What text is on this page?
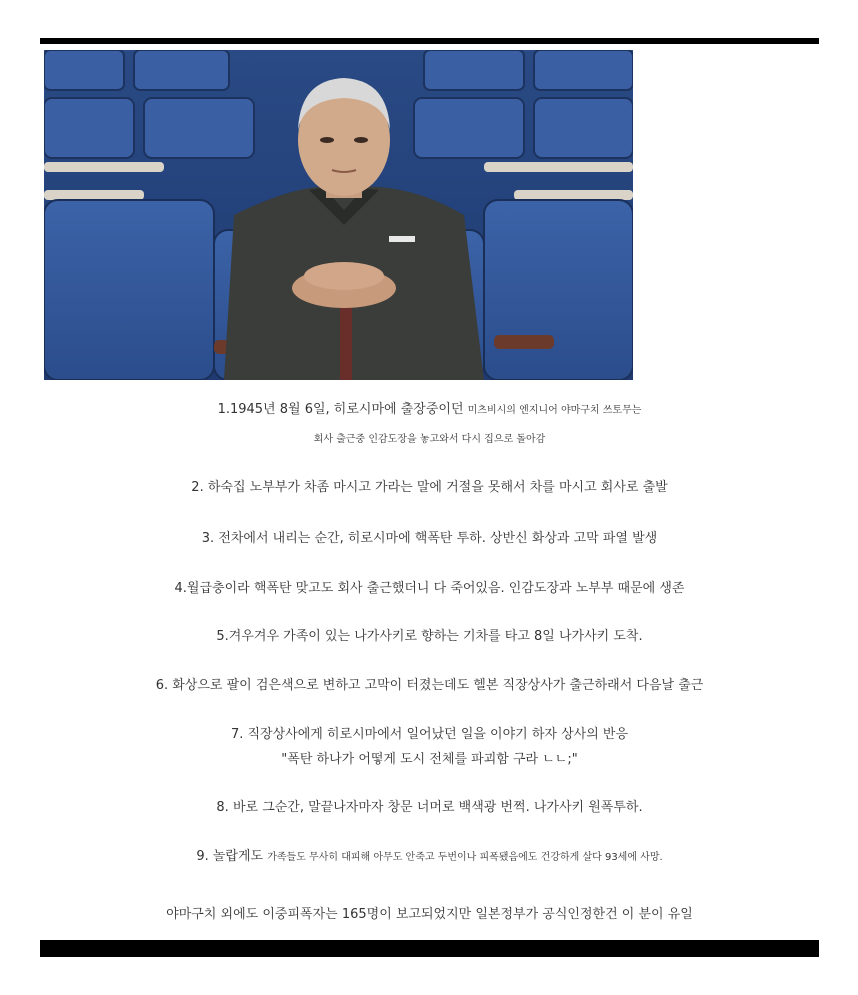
1.1945년 8월 6일, 히로시마에 출장중이던 미츠비시의 엔지니어 야마구치 쓰토무는
회사 출근중 인감도장을 놓고와서 다시 집으로 돌아감
2. 하숙집 노부부가 차좀 마시고 가라는 말에 거절을 못해서 차를 마시고 회사로 출발
3. 전차에서 내리는 순간, 히로시마에 핵폭탄 투하. 상반신 화상과 고막 파열 발생
4.월급충이라 핵폭탄 맞고도 회사 출근했더니 다 죽어있음. 인감도장과 노부부 때문에 생존
5.겨우겨우 가족이 있는 나가사키로 향하는 기차를 타고 8일 나가사키 도착.
6. 화상으로 팔이 검은색으로 변하고 고막이 터졌는데도 헬본 직장상사가 출근하래서 다음날 출근
7. 직장상사에게 히로시마에서 일어났던 일을 이야기 하자 상사의 반응
"폭탄 하나가 어떻게 도시 전체를 파괴함 구라 ㄴㄴ;"
8. 바로 그순간, 말끝나자마자 창문 너머로 백색광 번쩍. 나가사키 원폭투하.
9. 놀랍게도 가족들도 무사히 대피해 아무도 안죽고 두번이나 피폭됐음에도 건강하게 살다 93세에 사망.
야마구치 외에도 이중피폭자는 165명이 보고되었지만 일본정부가 공식인정한건 이 분이 유일
